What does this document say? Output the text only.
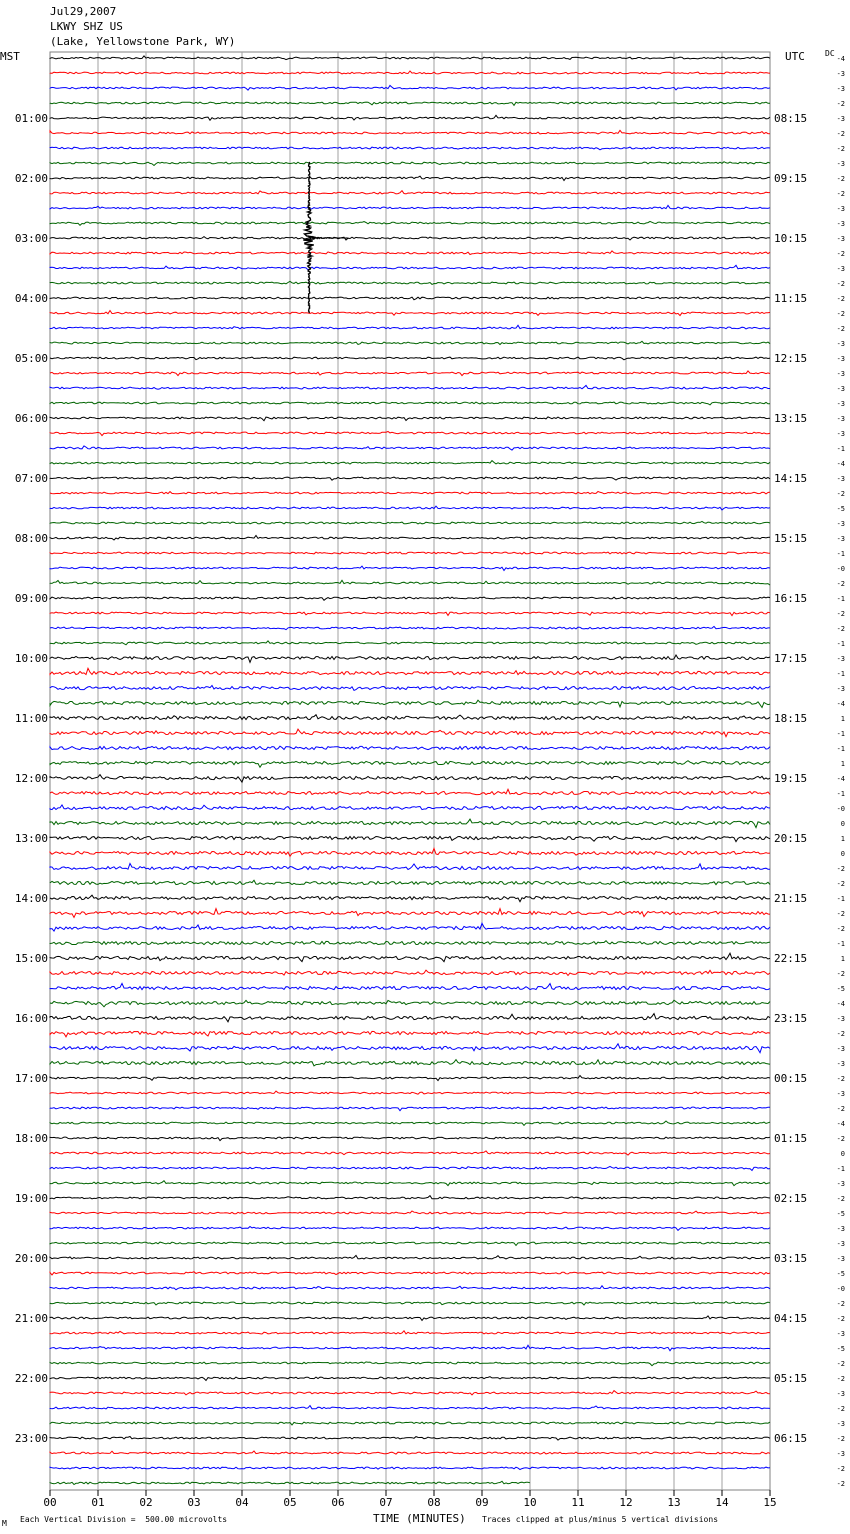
Jul29,2007
LKWY SHZ US
(Lake, Yellowstone Park, WY)
MST	UTC	DC
-4
-3
-3
-2
-3
-2
-2
-3
-2
-2
-3
-3
-3
-2
-3
-2
-2
-2
-2
-3
-3
-3
-3
-3
-3
-3
-1
-4
-3
-2
-5
-3
-3
-1
-0
-2
-1
-2
-2
-1
-3
-1
-3
-4
1
-1
-1
1
-4
-1
-0
0
1
0
-2
-2
-1
-2
-2
-1
1
-2
-5
-4
-3
-2
-3
-3
-2
-3
-2
-4
-2
0
-1
-3
-2
-5
-3
-3
-3
-5
-0
-2
-2
-3
-5
-2
-2
-3
-2
-3
-2
-3
-2
-2
01:00
02:00
03:00
04:00
05:00
06:00
07:00
08:00
09:00
10:00
11:00
12:00
13:00
14:00
15:00
16:00
17:00
18:00
19:00
20:00
21:00
22:00
23:00
08:15
09:15
10:15
11:15
12:15
13:15
14:15
15:15
16:15
17:15
18:15
19:15
20:15
21:15
22:15
23:15
00:15
01:15
02:15
03:15
04:15
05:15
06:15
00	01	02	03	04	05	06	07	08	09	10	11	12	13	14	15
M Each Vertical Division =  500.00 microvolts	TIME (MINUTES) Traces clipped at plus/minus 5 vertical divisions
